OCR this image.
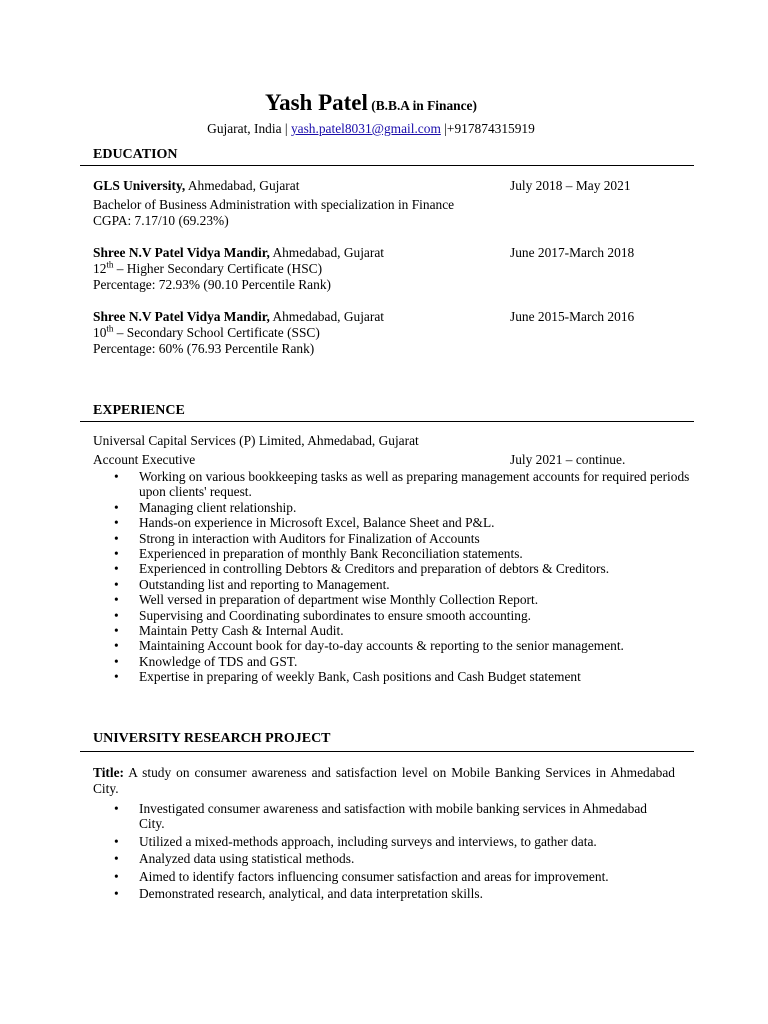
Yash Patel (B.B.A in Finance)
Gujarat, India | yash.patel8031@gmail.com |+917874315919
EDUCATION
GLS University, Ahmedabad, Gujarat	July 2018 – May 2021
Bachelor of Business Administration with specialization in Finance
CGPA: 7.17/10 (69.23%)
Shree N.V Patel Vidya Mandir, Ahmedabad, Gujarat	June 2017-March 2018
12th – Higher Secondary Certificate (HSC)
Percentage: 72.93% (90.10 Percentile Rank)
Shree N.V Patel Vidya Mandir, Ahmedabad, Gujarat	June 2015-March 2016
10th – Secondary School Certificate (SSC)
Percentage: 60% (76.93 Percentile Rank)
EXPERIENCE
Universal Capital Services (P) Limited, Ahmedabad, Gujarat
Account Executive	July 2021 – continue.
• Working on various bookkeeping tasks as well as preparing management accounts for required periods upon clients' request.
• Managing client relationship.
• Hands-on experience in Microsoft Excel, Balance Sheet and P&L.
• Strong in interaction with Auditors for Finalization of Accounts
• Experienced in preparation of monthly Bank Reconciliation statements.
• Experienced in controlling Debtors & Creditors and preparation of debtors & Creditors.
• Outstanding list and reporting to Management.
• Well versed in preparation of department wise Monthly Collection Report.
• Supervising and Coordinating subordinates to ensure smooth accounting.
• Maintain Petty Cash & Internal Audit.
• Maintaining Account book for day-to-day accounts & reporting to the senior management.
• Knowledge of TDS and GST.
• Expertise in preparing of weekly Bank, Cash positions and Cash Budget statement
UNIVERSITY RESEARCH PROJECT
Title: A study on consumer awareness and satisfaction level on Mobile Banking Services in Ahmedabad City.
• Investigated consumer awareness and satisfaction with mobile banking services in Ahmedabad City.
• Utilized a mixed-methods approach, including surveys and interviews, to gather data.
• Analyzed data using statistical methods.
• Aimed to identify factors influencing consumer satisfaction and areas for improvement.
• Demonstrated research, analytical, and data interpretation skills.
